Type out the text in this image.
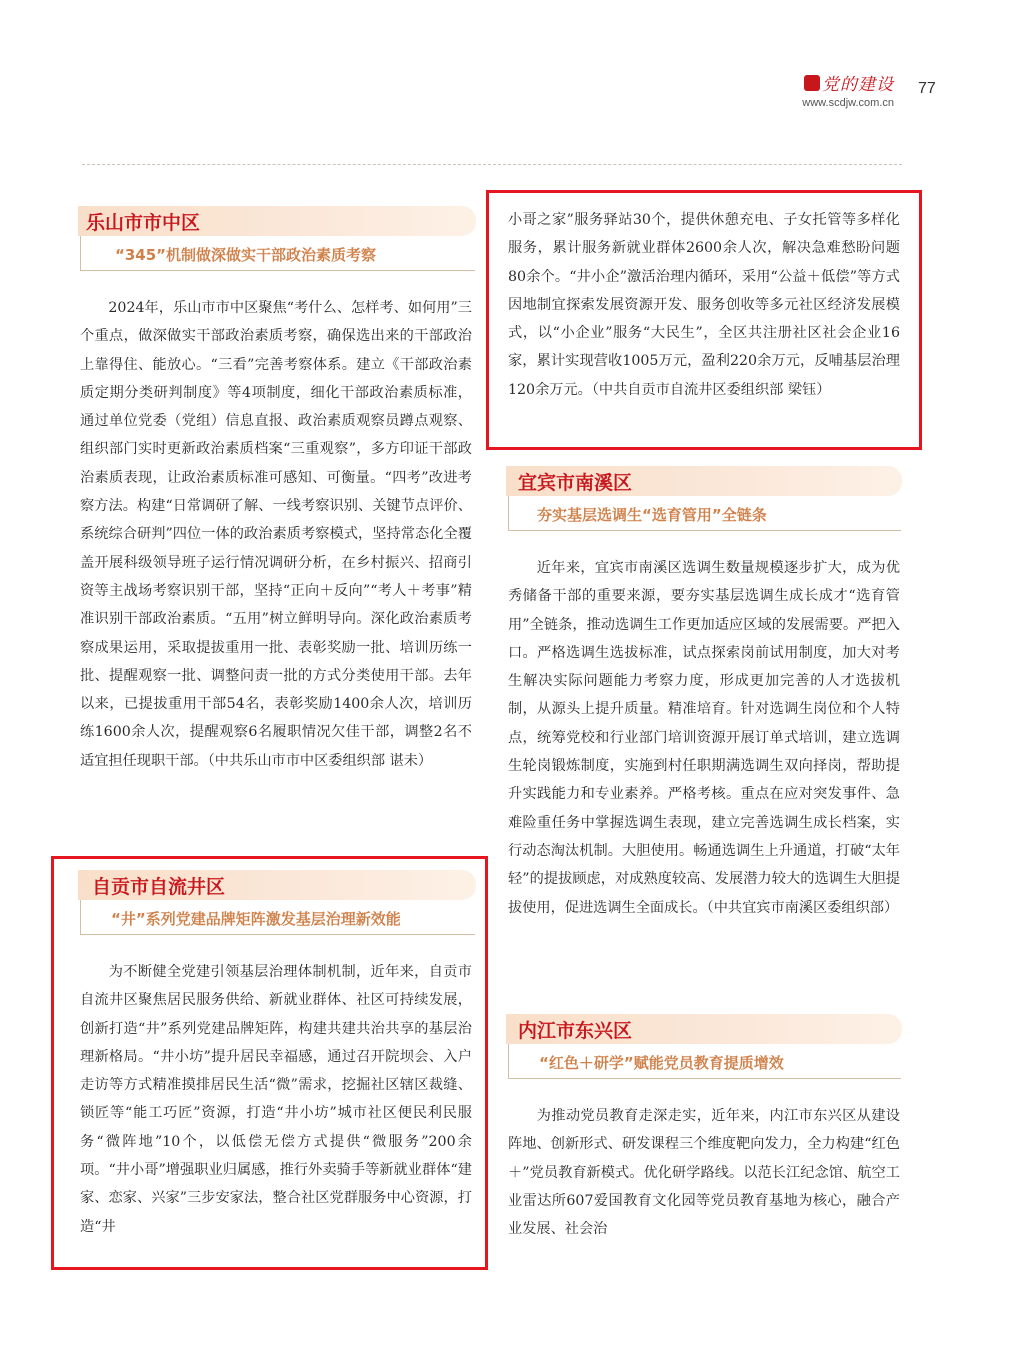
党的建设
www.scdjw.com.cn
77
乐山市市中区
“345”机制做深做实干部政治素质考察
2024年，乐山市市中区聚焦“考什么、怎样考、如何用”三个重点，做深做实干部政治素质考察，确保选出来的干部政治上靠得住、能放心。“三看”完善考察体系。建立《干部政治素质定期分类研判制度》等4项制度，细化干部政治素质标准，通过单位党委（党组）信息直报、政治素质观察员蹲点观察、组织部门实时更新政治素质档案“三重观察”，多方印证干部政治素质表现，让政治素质标准可感知、可衡量。“四考”改进考察方法。构建“日常调研了解、一线考察识别、关键节点评价、系统综合研判”四位一体的政治素质考察模式，坚持常态化全覆盖开展科级领导班子运行情况调研分析，在乡村振兴、招商引资等主战场考察识别干部，坚持“正向＋反向”“考人＋考事”精准识别干部政治素质。“五用”树立鲜明导向。深化政治素质考察成果运用，采取提拔重用一批、表彰奖励一批、培训历练一批、提醒观察一批、调整问责一批的方式分类使用干部。去年以来，已提拔重用干部54名，表彰奖励1400余人次，培训历练1600余人次，提醒观察6名履职情况欠佳干部，调整2名不适宜担任现职干部。（中共乐山市市中区委组织部 谌未）
自贡市自流井区
“井”系列党建品牌矩阵激发基层治理新效能
为不断健全党建引领基层治理体制机制，近年来，自贡市自流井区聚焦居民服务供给、新就业群体、社区可持续发展，创新打造“井”系列党建品牌矩阵，构建共建共治共享的基层治理新格局。“井小坊”提升居民幸福感，通过召开院坝会、入户走访等方式精准摸排居民生活“微”需求，挖掘社区辖区裁缝、锁匠等“能工巧匠”资源，打造“井小坊”城市社区便民利民服务“微阵地”10个，以低偿无偿方式提供“微服务”200余项。“井小哥”增强职业归属感，推行外卖骑手等新就业群体“建家、恋家、兴家”三步安家法，整合社区党群服务中心资源，打造“井
小哥之家”服务驿站30个，提供休憩充电、子女托管等多样化服务，累计服务新就业群体2600余人次，解决急难愁盼问题80余个。“井小企”激活治理内循环，采用“公益＋低偿”等方式因地制宜探索发展资源开发、服务创收等多元社区经济发展模式，以“小企业”服务“大民生”，全区共注册社区社会企业16家，累计实现营收1005万元，盈利220余万元，反哺基层治理120余万元。（中共自贡市自流井区委组织部 梁钰）
宜宾市南溪区
夯实基层选调生“选育管用”全链条
近年来，宜宾市南溪区选调生数量规模逐步扩大，成为优秀储备干部的重要来源，要夯实基层选调生成长成才“选育管用”全链条，推动选调生工作更加适应区域的发展需要。严把入口。严格选调生选拔标准，试点探索岗前试用制度，加大对考生解决实际问题能力考察力度，形成更加完善的人才选拔机制，从源头上提升质量。精准培育。针对选调生岗位和个人特点，统筹党校和行业部门培训资源开展订单式培训，建立选调生轮岗锻炼制度，实施到村任职期满选调生双向择岗，帮助提升实践能力和专业素养。严格考核。重点在应对突发事件、急难险重任务中掌握选调生表现，建立完善选调生成长档案，实行动态淘汰机制。大胆使用。畅通选调生上升通道，打破“太年轻”的提拔顾虑，对成熟度较高、发展潜力较大的选调生大胆提拔使用，促进选调生全面成长。（中共宜宾市南溪区委组织部）
内江市东兴区
“红色＋研学”赋能党员教育提质增效
为推动党员教育走深走实，近年来，内江市东兴区从建设阵地、创新形式、研发课程三个维度靶向发力，全力构建“红色＋”党员教育新模式。优化研学路线。以范长江纪念馆、航空工业雷达所607爱国教育文化园等党员教育基地为核心，融合产业发展、社会治
